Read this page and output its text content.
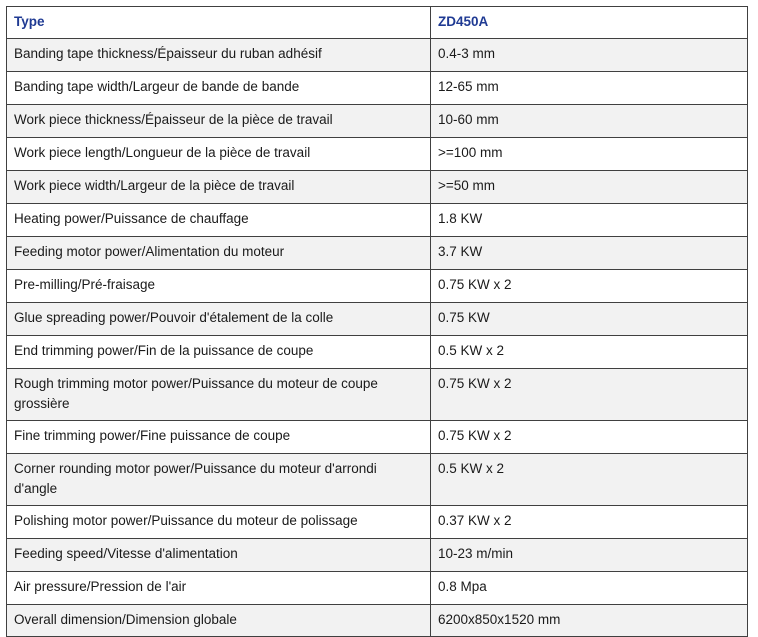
Type	ZD450A
Banding tape thickness/Épaisseur du ruban adhésif	0.4-3 mm
Banding tape width/Largeur de bande de bande	12-65 mm
Work piece thickness/Épaisseur de la pièce de travail	10-60 mm
Work piece length/Longueur de la pièce de travail	>=100 mm
Work piece width/Largeur de la pièce de travail	>=50 mm
Heating power/Puissance de chauffage	1.8 KW
Feeding motor power/Alimentation du moteur	3.7 KW
Pre-milling/Pré-fraisage	0.75 KW x 2
Glue spreading power/Pouvoir d'étalement de la colle	0.75 KW
End trimming power/Fin de la puissance de coupe	0.5 KW x 2
Rough trimming motor power/Puissance du moteur de coupe grossière	0.75 KW x 2
Fine trimming power/Fine puissance de coupe	0.75 KW x 2
Corner rounding motor power/Puissance du moteur d'arrondi d'angle	0.5 KW x 2
Polishing motor power/Puissance du moteur de polissage	0.37 KW x 2
Feeding speed/Vitesse d'alimentation	10-23 m/min
Air pressure/Pression de l'air	0.8 Mpa
Overall dimension/Dimension globale	6200x850x1520 mm
